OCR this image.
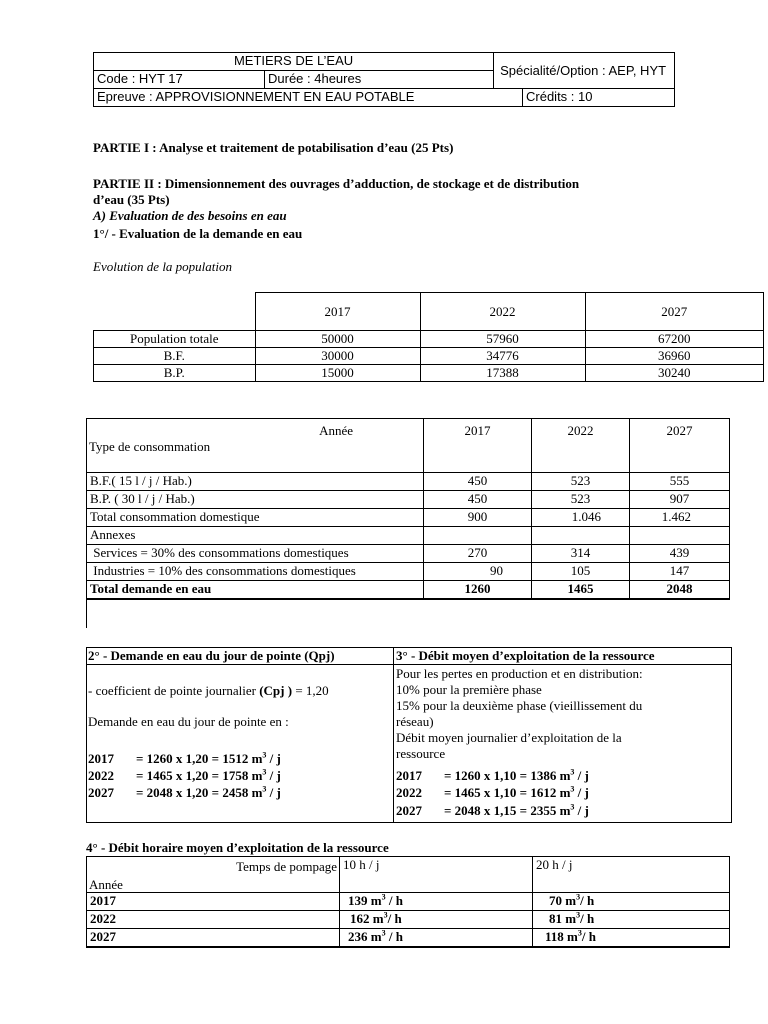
METIERS DE L’EAU		Spécialité/Option : AEP, HYT	
Code : HYT 17	Durée : 4heures		
Epreuve : APPROVISIONNEMENT EN EAU POTABLE			Crédits : 10
PARTIE I : Analyse et traitement de potabilisation d’eau (25 Pts)
PARTIE II : Dimensionnement des ouvrages d’adduction, de stockage et de distribution
d’eau (35 Pts)
A) Evaluation de des besoins en eau
1°/ - Evaluation de la demande en eau
Evolution de la population
	2017	2022	2027
Population totale	50000	57960	67200
B.F.	30000	34776	36960
B.P.	15000	17388	30240
Année
Type de consommation	2017	2022	2027
B.F.( 15 l / j / Hab.)	450	523	555
B.P. ( 30 l / j / Hab.)	450	523	907
Total consommation domestique	900	1.046	1.462
Annexes			
Services = 30% des consommations domestiques	270	314	439
Industries = 10% des consommations domestiques	90	105	147
Total demande en eau	1260	1465	2048
2° - Demande en eau du jour de pointe (Qpj)
- coefficient de pointe journalier (Cpj ) = 1,20
Demande en eau du jour de pointe en :
2017 = 1260 x 1,20 = 1512 $m^3$ / j
2022 = 1465 x 1,20 = 1758 $m^3$ / j
2027 = 2048 x 1,20 = 2458 $m^3$ / j
3° - Débit moyen d’exploitation de la ressource
Pour les pertes en production et en distribution:
10% pour la première phase
15% pour la deuxième phase (vieillissement du
réseau)
Débit moyen journalier d’exploitation de la
ressource
2017 = 1260 x 1,10 = 1386 $m^3$ / j
2022 = 1465 x 1,10 = 1612 $m^3$ / j
2027 = 2048 x 1,15 = 2355 $m^3$ / j
4° - Débit horaire moyen d’exploitation de la ressource
Temps de pompage
Année	10 h / j	20 h / j
2017	139 $m^3$ / h	70 $m^3/$ h
2022	162 $m^3/$ h	81 $m^3/$ h
2027	236 $m^3$ / h	118 $m^3/$ h
